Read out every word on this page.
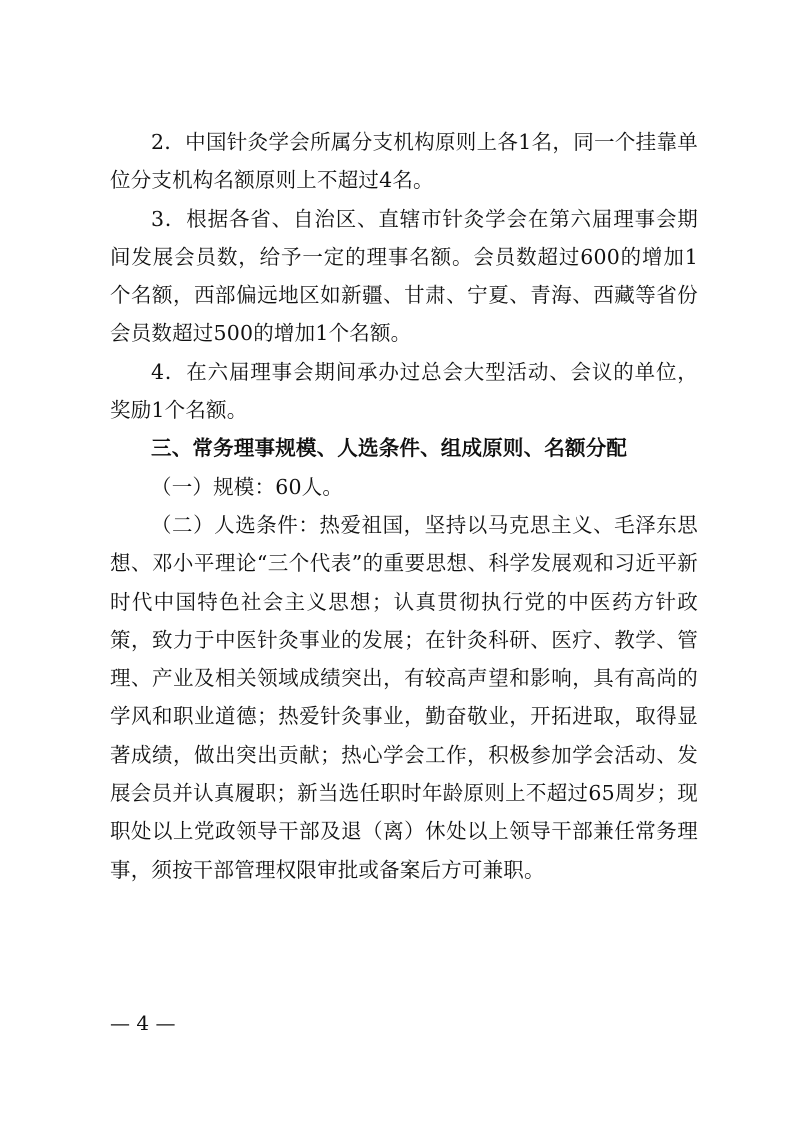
2．中国针灸学会所属分支机构原则上各1名，同一个挂靠单位分支机构名额原则上不超过4名。

3．根据各省、自治区、直辖市针灸学会在第六届理事会期间发展会员数，给予一定的理事名额。会员数超过600的增加1个名额，西部偏远地区如新疆、甘肃、宁夏、青海、西藏等省份会员数超过500的增加1个名额。

4．在六届理事会期间承办过总会大型活动、会议的单位，奖励1个名额。

三、常务理事规模、人选条件、组成原则、名额分配

（一）规模：60人。

（二）人选条件：热爱祖国，坚持以马克思主义、毛泽东思想、邓小平理论“三个代表”的重要思想、科学发展观和习近平新时代中国特色社会主义思想；认真贯彻执行党的中医药方针政策，致力于中医针灸事业的发展；在针灸科研、医疗、教学、管理、产业及相关领域成绩突出，有较高声望和影响，具有高尚的学风和职业道德；热爱针灸事业，勤奋敬业，开拓进取，取得显著成绩，做出突出贡献；热心学会工作，积极参加学会活动、发展会员并认真履职；新当选任职时年龄原则上不超过65周岁；现职处以上党政领导干部及退（离）休处以上领导干部兼任常务理事，须按干部管理权限审批或备案后方可兼职。

— 4 —
